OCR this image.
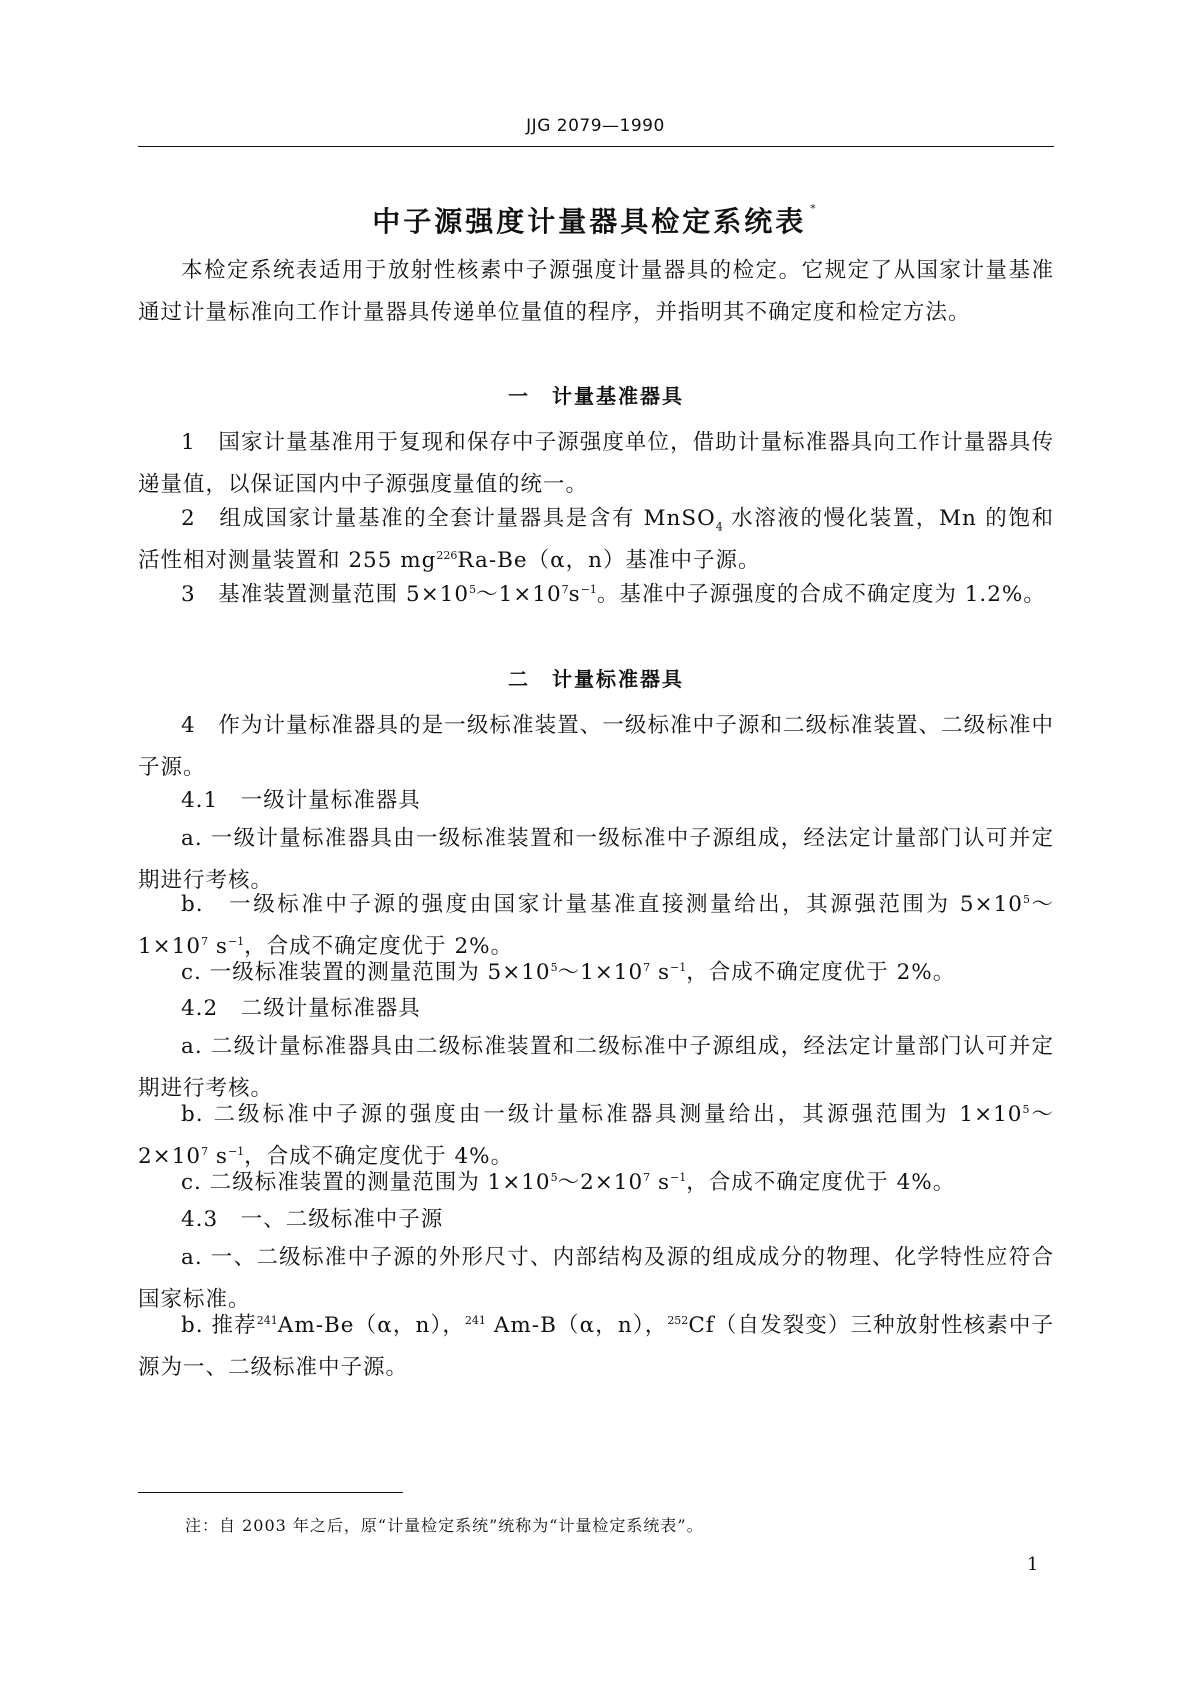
JJG 2079—1990
中子源强度计量器具检定系统表 *

本检定系统表适用于放射性核素中子源强度计量器具的检定。它规定了从国家计量基准通过计量标准向工作计量器具传递单位量值的程序，并指明其不确定度和检定方法。

一　计量基准器具

1　国家计量基准用于复现和保存中子源强度单位，借助计量标准器具向工作计量器具传递量值，以保证国内中子源强度量值的统一。

2　组成国家计量基准的全套计量器具是含有 MnSO$_4$ 水溶液的慢化装置，Mn 的饱和活性相对测量装置和 255 $mg^{226}Ra-Be(\alpha$，n）基准中子源。

3　基准装置测量范围 $5\times 10^5\sim 1\times 10^7s^{-1}$。基准中子源强度的合成不确定度为 1.2%。

二　计量标准器具

4　作为计量标准器具的是一级标准装置、一级标准中子源和二级标准装置、二级标准中子源。

4.1　一级计量标准器具

a. 一级计量标准器具由一级标准装置和一级标准中子源组成，经法定计量部门认可并定期进行考核。

b.　一级标准中子源的强度由国家计量基准直接测量给出，其源强范围为 $5\times 10^5\sim 1\times 10^7$ $s^{-1}$，合成不确定度优于 2%。

c. 一级标准装置的测量范围为 $5\times 10^5\sim 1\times 10^7$ $s^{-1}$，合成不确定度优于 2%。

4.2　二级计量标准器具

a. 二级计量标准器具由二级标准装置和二级标准中子源组成，经法定计量部门认可并定期进行考核。

b. 二级标准中子源的强度由一级计量标准器具测量给出，其源强范围为 $1\times 10^5\sim 2\times 10^7$ $s^{-1}$，合成不确定度优于 4%。

c. 二级标准装置的测量范围为 $1\times 10^5\sim 2\times 10^7$ $s^{-1}$，合成不确定度优于 4%。

4.3　一、二级标准中子源

a. 一、二级标准中子源的外形尺寸、内部结构及源的组成成分的物理、化学特性应符合国家标准。

b. 推荐$^{241}$Am-Be（α，n），$^{241}$ Am-B（α，n），$^{252}$Cf（自发裂变）三种放射性核素中子源为一、二级标准中子源。

注：自 2003 年之后，原“计量检定系统”统称为“计量检定系统表”。
1
